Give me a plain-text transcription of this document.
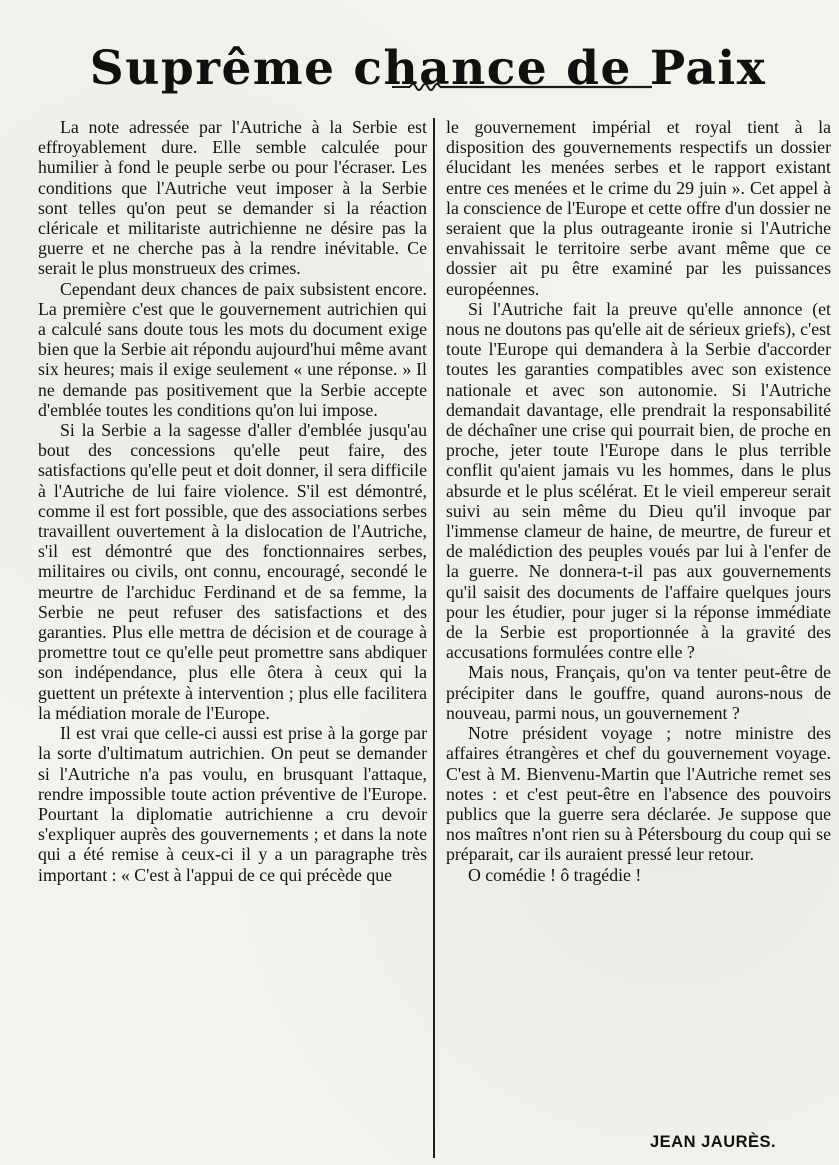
Suprême chance de Paix

La note adressée par l'Autriche à la Serbie est effroyablement dure. Elle semble calculée pour humilier à fond le peuple serbe ou pour l'écraser. Les conditions que l'Autriche veut imposer à la Serbie sont telles qu'on peut se demander si la réaction cléricale et militariste autrichienne ne désire pas la guerre et ne cherche pas à la rendre inévitable. Ce serait le plus monstrueux des crimes.

Cependant deux chances de paix subsistent encore. La première c'est que le gouvernement autrichien qui a calculé sans doute tous les mots du document exige bien que la Serbie ait répondu aujourd'hui même avant six heures; mais il exige seulement « une réponse. » Il ne demande pas positivement que la Serbie accepte d'emblée toutes les conditions qu'on lui impose.

Si la Serbie a la sagesse d'aller d'emblée jusqu'au bout des concessions qu'elle peut faire, des satisfactions qu'elle peut et doit donner, il sera difficile à l'Autriche de lui faire violence. S'il est démontré, comme il est fort possible, que des associations serbes travaillent ouvertement à la dislocation de l'Autriche, s'il est démontré que des fonctionnaires serbes, militaires ou civils, ont connu, encouragé, secondé le meurtre de l'archiduc Ferdinand et de sa femme, la Serbie ne peut refuser des satisfactions et des garanties. Plus elle mettra de décision et de courage à promettre tout ce qu'elle peut promettre sans abdiquer son indépendance, plus elle ôtera à ceux qui la guettent un prétexte à intervention ; plus elle facilitera la médiation morale de l'Europe.

Il est vrai que celle-ci aussi est prise à la gorge par la sorte d'ultimatum autrichien. On peut se demander si l'Autriche n'a pas voulu, en brusquant l'attaque, rendre impossible toute action préventive de l'Europe. Pourtant la diplomatie autrichienne a cru devoir s'expliquer auprès des gouvernements ; et dans la note qui a été remise à ceux-ci il y a un paragraphe très important : « C'est à l'appui de ce qui précède que

le gouvernement impérial et royal tient à la disposition des gouvernements respectifs un dossier élucidant les menées serbes et le rapport existant entre ces menées et le crime du 29 juin ». Cet appel à la conscience de l'Europe et cette offre d'un dossier ne seraient que la plus outrageante ironie si l'Autriche envahissait le territoire serbe avant même que ce dossier ait pu être examiné par les puissances européennes.

Si l'Autriche fait la preuve qu'elle annonce (et nous ne doutons pas qu'elle ait de sérieux griefs), c'est toute l'Europe qui demandera à la Serbie d'accorder toutes les garanties compatibles avec son existence nationale et avec son autonomie. Si l'Autriche demandait davantage, elle prendrait la responsabilité de déchaîner une crise qui pourrait bien, de proche en proche, jeter toute l'Europe dans le plus terrible conflit qu'aient jamais vu les hommes, dans le plus absurde et le plus scélérat. Et le vieil empereur serait suivi au sein même du Dieu qu'il invoque par l'immense clameur de haine, de meurtre, de fureur et de malédiction des peuples voués par lui à l'enfer de la guerre. Ne donnera-t-il pas aux gouvernements qu'il saisit des documents de l'affaire quelques jours pour les étudier, pour juger si la réponse immédiate de la Serbie est proportionnée à la gravité des accusations formulées contre elle ?

Mais nous, Français, qu'on va tenter peut-être de précipiter dans le gouffre, quand aurons-nous de nouveau, parmi nous, un gouvernement ?

Notre président voyage ; notre ministre des affaires étrangères et chef du gouvernement voyage. C'est à M. Bienvenu-Martin que l'Autriche remet ses notes : et c'est peut-être en l'absence des pouvoirs publics que la guerre sera déclarée. Je suppose que nos maîtres n'ont rien su à Pétersbourg du coup qui se préparait, car ils auraient pressé leur retour.

O comédie ! ô tragédie !

JEAN JAURÈS.
